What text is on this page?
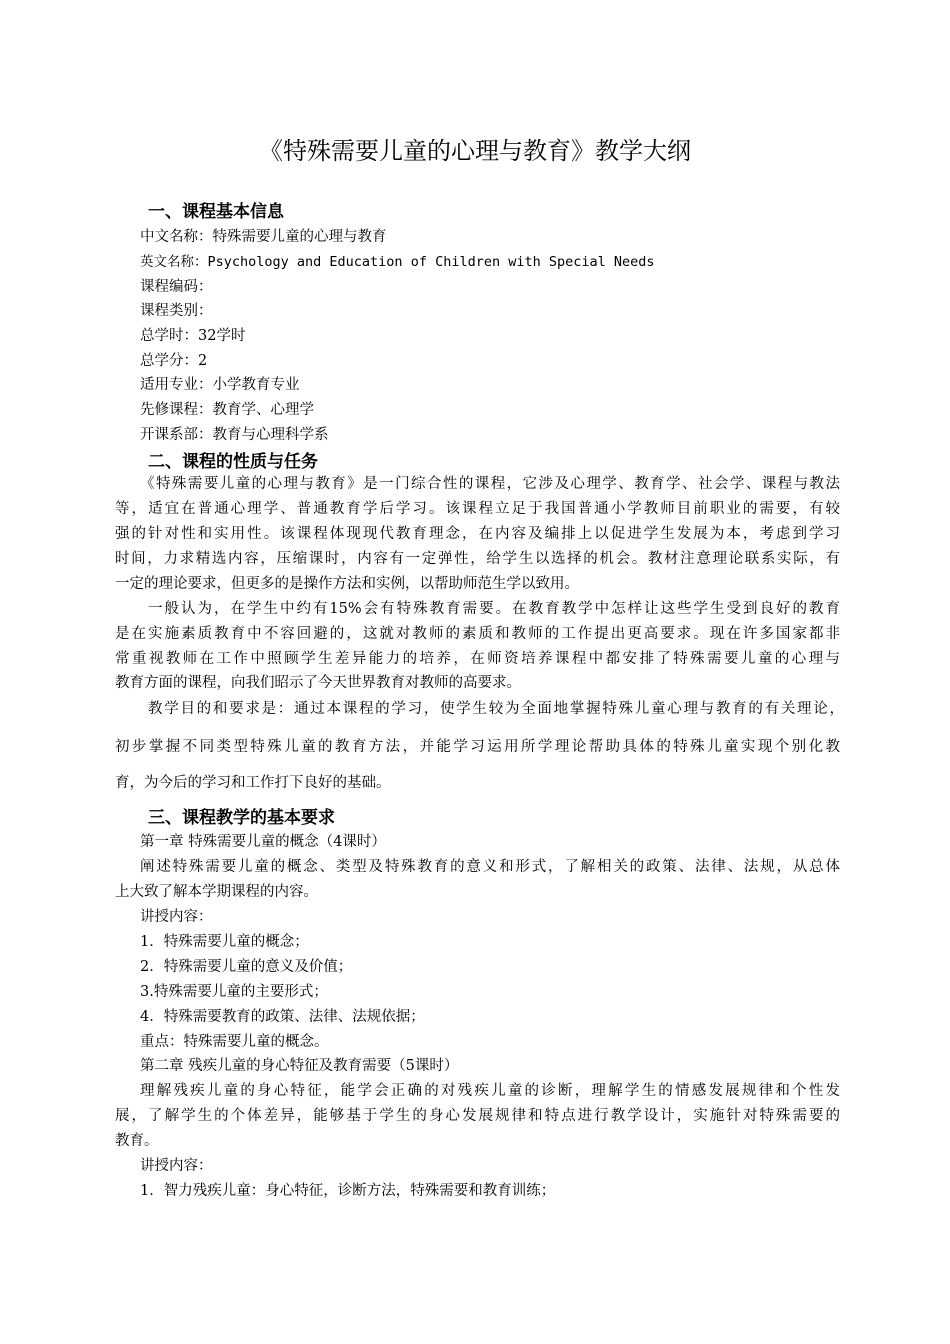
《特殊需要儿童的心理与教育》教学大纲
一、课程基本信息
中文名称：特殊需要儿童的心理与教育
英文名称：Psychology and Education of Children with Special Needs
课程编码：
课程类别：
总学时：32学时
总学分：2
适用专业：小学教育专业
先修课程：教育学、心理学
开课系部：教育与心理科学系
二、课程的性质与任务
《特殊需要儿童的心理与教育》是一门综合性的课程，它涉及心理学、教育学、社会学、课程与教法
等，适宜在普通心理学、普通教育学后学习。该课程立足于我国普通小学教师目前职业的需要，有较
强的针对性和实用性。该课程体现现代教育理念，在内容及编排上以促进学生发展为本，考虑到学习
时间，力求精选内容，压缩课时，内容有一定弹性，给学生以选择的机会。教材注意理论联系实际，有
一定的理论要求，但更多的是操作方法和实例，以帮助师范生学以致用。
一般认为，在学生中约有15%会有特殊教育需要。在教育教学中怎样让这些学生受到良好的教育
是在实施素质教育中不容回避的，这就对教师的素质和教师的工作提出更高要求。现在许多国家都非
常重视教师在工作中照顾学生差异能力的培养，在师资培养课程中都安排了特殊需要儿童的心理与
教育方面的课程，向我们昭示了今天世界教育对教师的高要求。
教学目的和要求是：通过本课程的学习，使学生较为全面地掌握特殊儿童心理与教育的有关理论，
初步掌握不同类型特殊儿童的教育方法，并能学习运用所学理论帮助具体的特殊儿童实现个别化教
育，为今后的学习和工作打下良好的基础。
三、课程教学的基本要求
第一章 特殊需要儿童的概念（4课时）
阐述特殊需要儿童的概念、类型及特殊教育的意义和形式，了解相关的政策、法律、法规，从总体
上大致了解本学期课程的内容。
讲授内容：
1．特殊需要儿童的概念；
2．特殊需要儿童的意义及价值；
3.特殊需要儿童的主要形式；
4．特殊需要教育的政策、法律、法规依据；
重点：特殊需要儿童的概念。
第二章 残疾儿童的身心特征及教育需要（5课时）
理解残疾儿童的身心特征，能学会正确的对残疾儿童的诊断，理解学生的情感发展规律和个性发
展，了解学生的个体差异，能够基于学生的身心发展规律和特点进行教学设计，实施针对特殊需要的
教育。
讲授内容：
1．智力残疾儿童：身心特征，诊断方法，特殊需要和教育训练；
